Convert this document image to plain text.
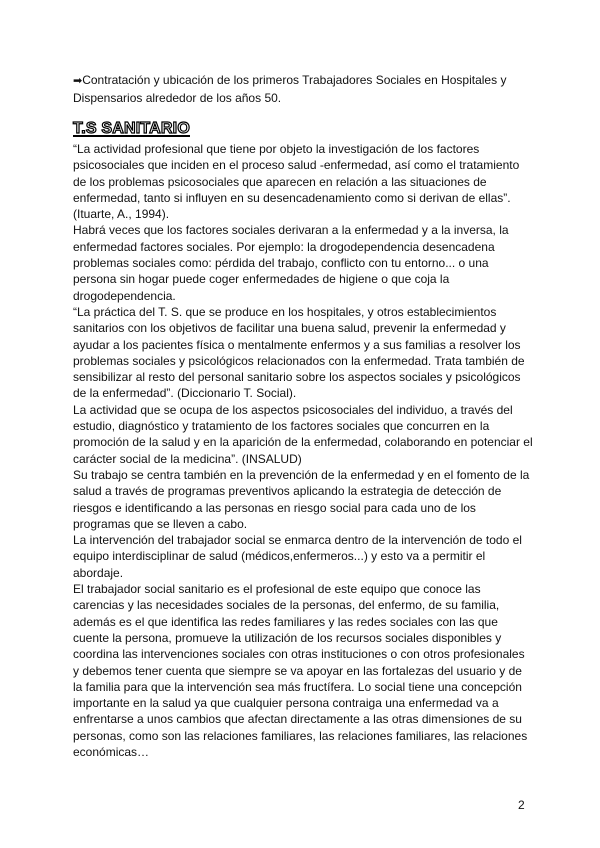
➡Contratación y ubicación de los primeros Trabajadores Sociales en Hospitales y Dispensarios alrededor de los años 50.
T.S SANITARIO

“La actividad profesional que tiene por objeto la investigación de los factores psicosociales que inciden en el proceso salud -enfermedad, así como el tratamiento de los problemas psicosociales que aparecen en relación a las situaciones de enfermedad, tanto si influyen en su desencadenamiento como si derivan de ellas”. (Ituarte, A., 1994).

Habrá veces que los factores sociales derivaran a la enfermedad y a la inversa, la enfermedad factores sociales. Por ejemplo: la drogodependencia desencadena problemas sociales como: pérdida del trabajo, conflicto con tu entorno... o una persona sin hogar puede coger enfermedades de higiene o que coja la drogodependencia.

“La práctica del T. S. que se produce en los hospitales, y otros establecimientos sanitarios con los objetivos de facilitar una buena salud, prevenir la enfermedad y ayudar a los pacientes física o mentalmente enfermos y a sus familias a resolver los problemas sociales y psicológicos relacionados con la enfermedad. Trata también de sensibilizar al resto del personal sanitario sobre los aspectos sociales y psicológicos de la enfermedad”. (Diccionario T. Social).

La actividad que se ocupa de los aspectos psicosociales del individuo, a través del estudio, diagnóstico y tratamiento de los factores sociales que concurren en la promoción de la salud y en la aparición de la enfermedad, colaborando en potenciar el carácter social de la medicina”. (INSALUD)

Su trabajo se centra también en la prevención de la enfermedad y en el fomento de la salud a través de programas preventivos aplicando la estrategia de detección de riesgos e identificando a las personas en riesgo social para cada uno de los programas que se lleven a cabo.

La intervención del trabajador social se enmarca dentro de la intervención de todo el equipo interdisciplinar de salud (médicos,enfermeros...) y esto va a permitir el abordaje.

El trabajador social sanitario es el profesional de este equipo que conoce las carencias y las necesidades sociales de la personas, del enfermo, de su familia, además es el que identifica las redes familiares y las redes sociales con las que cuente la persona, promueve la utilización de los recursos sociales disponibles y coordina las intervenciones sociales con otras instituciones o con otros profesionales y debemos tener cuenta que siempre se va apoyar en las fortalezas del usuario y de la familia para que la intervención sea más fructífera. Lo social tiene una concepción importante en la salud ya que cualquier persona contraiga una enfermedad va a enfrentarse a unos cambios que afectan directamente a las otras dimensiones de su personas, como son las relaciones familiares, las relaciones familiares, las relaciones económicas…

2
